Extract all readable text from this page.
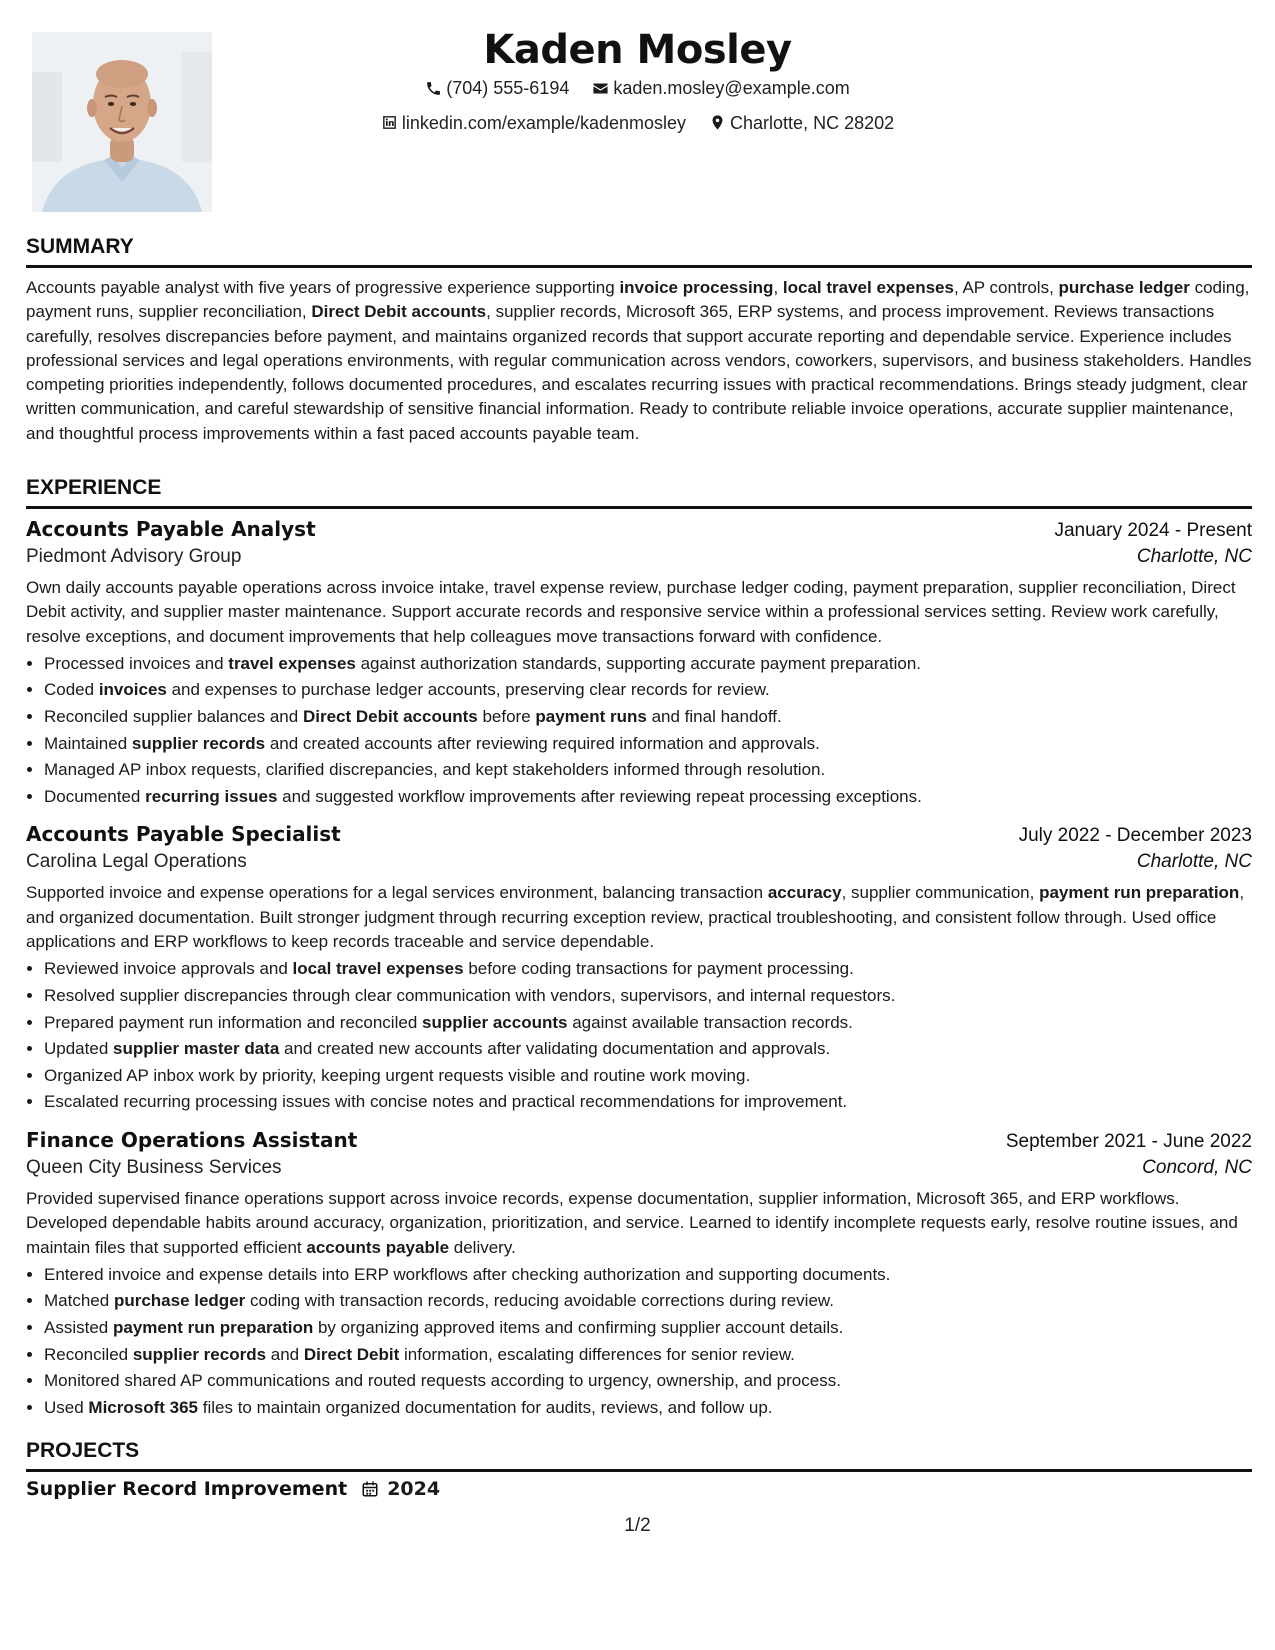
Kaden Mosley
(704) 555-6194
kaden.mosley@example.com
linkedin.com/example/kadenmosley
Charlotte, NC 28202
SUMMARY

Accounts payable analyst with five years of progressive experience supporting invoice processing, local travel expenses, AP controls, purchase ledger coding, payment runs, supplier reconciliation, Direct Debit accounts, supplier records, Microsoft 365, ERP systems, and process improvement. Reviews transactions carefully, resolves discrepancies before payment, and maintains organized records that support accurate reporting and dependable service. Experience includes professional services and legal operations environments, with regular communication across vendors, coworkers, supervisors, and business stakeholders. Handles competing priorities independently, follows documented procedures, and escalates recurring issues with practical recommendations. Brings steady judgment, clear written communication, and careful stewardship of sensitive financial information. Ready to contribute reliable invoice operations, accurate supplier maintenance, and thoughtful process improvements within a fast paced accounts payable team.

EXPERIENCE
Accounts Payable Analyst	January 2024 - Present
Piedmont Advisory Group	Charlotte, NC

Own daily accounts payable operations across invoice intake, travel expense review, purchase ledger coding, payment preparation, supplier reconciliation, Direct Debit activity, and supplier master maintenance. Support accurate records and responsive service within a professional services setting. Review work carefully, resolve exceptions, and document improvements that help colleagues move transactions forward with confidence.

• Processed invoices and travel expenses against authorization standards, supporting accurate payment preparation.
• Coded invoices and expenses to purchase ledger accounts, preserving clear records for review.
• Reconciled supplier balances and Direct Debit accounts before payment runs and final handoff.
• Maintained supplier records and created accounts after reviewing required information and approvals.
• Managed AP inbox requests, clarified discrepancies, and kept stakeholders informed through resolution.
• Documented recurring issues and suggested workflow improvements after reviewing repeat processing exceptions.
Accounts Payable Specialist	July 2022 - December 2023
Carolina Legal Operations	Charlotte, NC

Supported invoice and expense operations for a legal services environment, balancing transaction accuracy, supplier communication, payment run preparation, and organized documentation. Built stronger judgment through recurring exception review, practical troubleshooting, and consistent follow through. Used office applications and ERP workflows to keep records traceable and service dependable.

• Reviewed invoice approvals and local travel expenses before coding transactions for payment processing.
• Resolved supplier discrepancies through clear communication with vendors, supervisors, and internal requestors.
• Prepared payment run information and reconciled supplier accounts against available transaction records.
• Updated supplier master data and created new accounts after validating documentation and approvals.
• Organized AP inbox work by priority, keeping urgent requests visible and routine work moving.
• Escalated recurring processing issues with concise notes and practical recommendations for improvement.
Finance Operations Assistant	September 2021 - June 2022
Queen City Business Services	Concord, NC

Provided supervised finance operations support across invoice records, expense documentation, supplier information, Microsoft 365, and ERP workflows. Developed dependable habits around accuracy, organization, prioritization, and service. Learned to identify incomplete requests early, resolve routine issues, and maintain files that supported efficient accounts payable delivery.

• Entered invoice and expense details into ERP workflows after checking authorization and supporting documents.
• Matched purchase ledger coding with transaction records, reducing avoidable corrections during review.
• Assisted payment run preparation by organizing approved items and confirming supplier account details.
• Reconciled supplier records and Direct Debit information, escalating differences for senior review.
• Monitored shared AP communications and routed requests according to urgency, ownership, and process.
• Used Microsoft 365 files to maintain organized documentation for audits, reviews, and follow up.
PROJECTS
Supplier Record Improvement 2024
1/2
